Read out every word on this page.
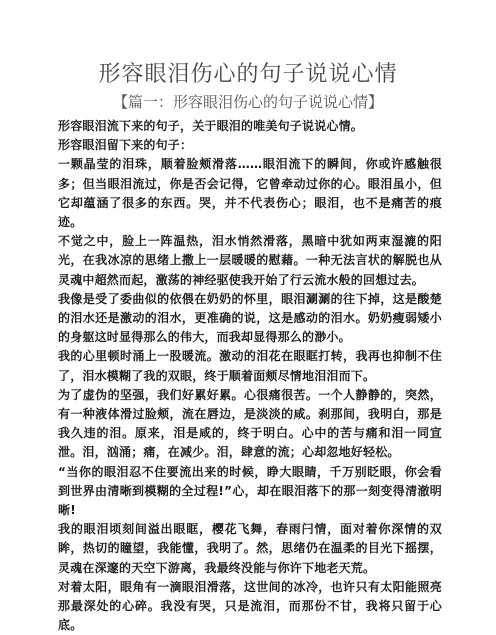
形容眼泪伤心的句子说说心情
【篇一：形容眼泪伤心的句子说说心情】

形容眼泪流下来的句子，关于眼泪的唯美句子说说心情。

形容眼泪留下来的句子：

一颗晶莹的泪珠，顺着脸颊滑落……眼泪流下的瞬间，你或许感触很多；但当眼泪流过，你是否会记得，它曾牵动过你的心。眼泪虽小，但它却蕴涵了很多的东西。哭，并不代表伤心；眼泪，也不是痛苦的痕迹。

不觉之中，脸上一阵温热，泪水悄然滑落，黑暗中犹如两束湿漉的阳光，在我冰凉的思绪上撒上一层暖暖的慰藉。一种无法言状的解脱也从灵魂中超然而起，激荡的神经驱使我开始了行云流水般的回想过去。

我像是受了委曲似的依偎在奶奶的怀里，眼泪涮涮的往下掉，这是酸楚的泪水还是激动的泪水，更准确的说，这是感动的泪水。奶奶瘦弱矮小的身躯这时显得那么的伟大，而我却显得那么的渺小。

我的心里顿时涌上一股暖流。激动的泪花在眼眶打转，我再也抑制不住了，泪水模糊了我的双眼，终于顺着面颊尽情地泪泪而下。

为了虚伪的坚强，我们好累好累。心很痛很苦。一个人静静的，突然，有一种液体滑过脸颊，流在唇边，是淡淡的咸。刹那间，我明白，那是我久违的泪。原来，泪是咸的，终于明白。心中的苦与痛和泪一同宣泄。泪，汹涌；痛，在减少。泪，肆意的流；心却忽地好轻松。

“当你的眼泪忍不住要流出来的时候，睁大眼睛，千万别眨眼，你会看到世界由清晰到模糊的全过程!”心，却在眼泪落下的那一刻变得清澈明晰!

我的眼泪顷刻间溢出眼眶，樱花飞舞，春雨闩情，面对着你深情的双眸，热切的瞳望，我能懂，我明了。然，思绪仍在温柔的目光下摇摆，灵魂在深邃的天空下游离，我最终没能与你许下地老天荒。

对着太阳，眼角有一滴眼泪滑落，这世间的冰冷，也许只有太阳能照亮那最深处的心碎。我没有哭，只是流泪，而那份不甘，我将只留于心底。
